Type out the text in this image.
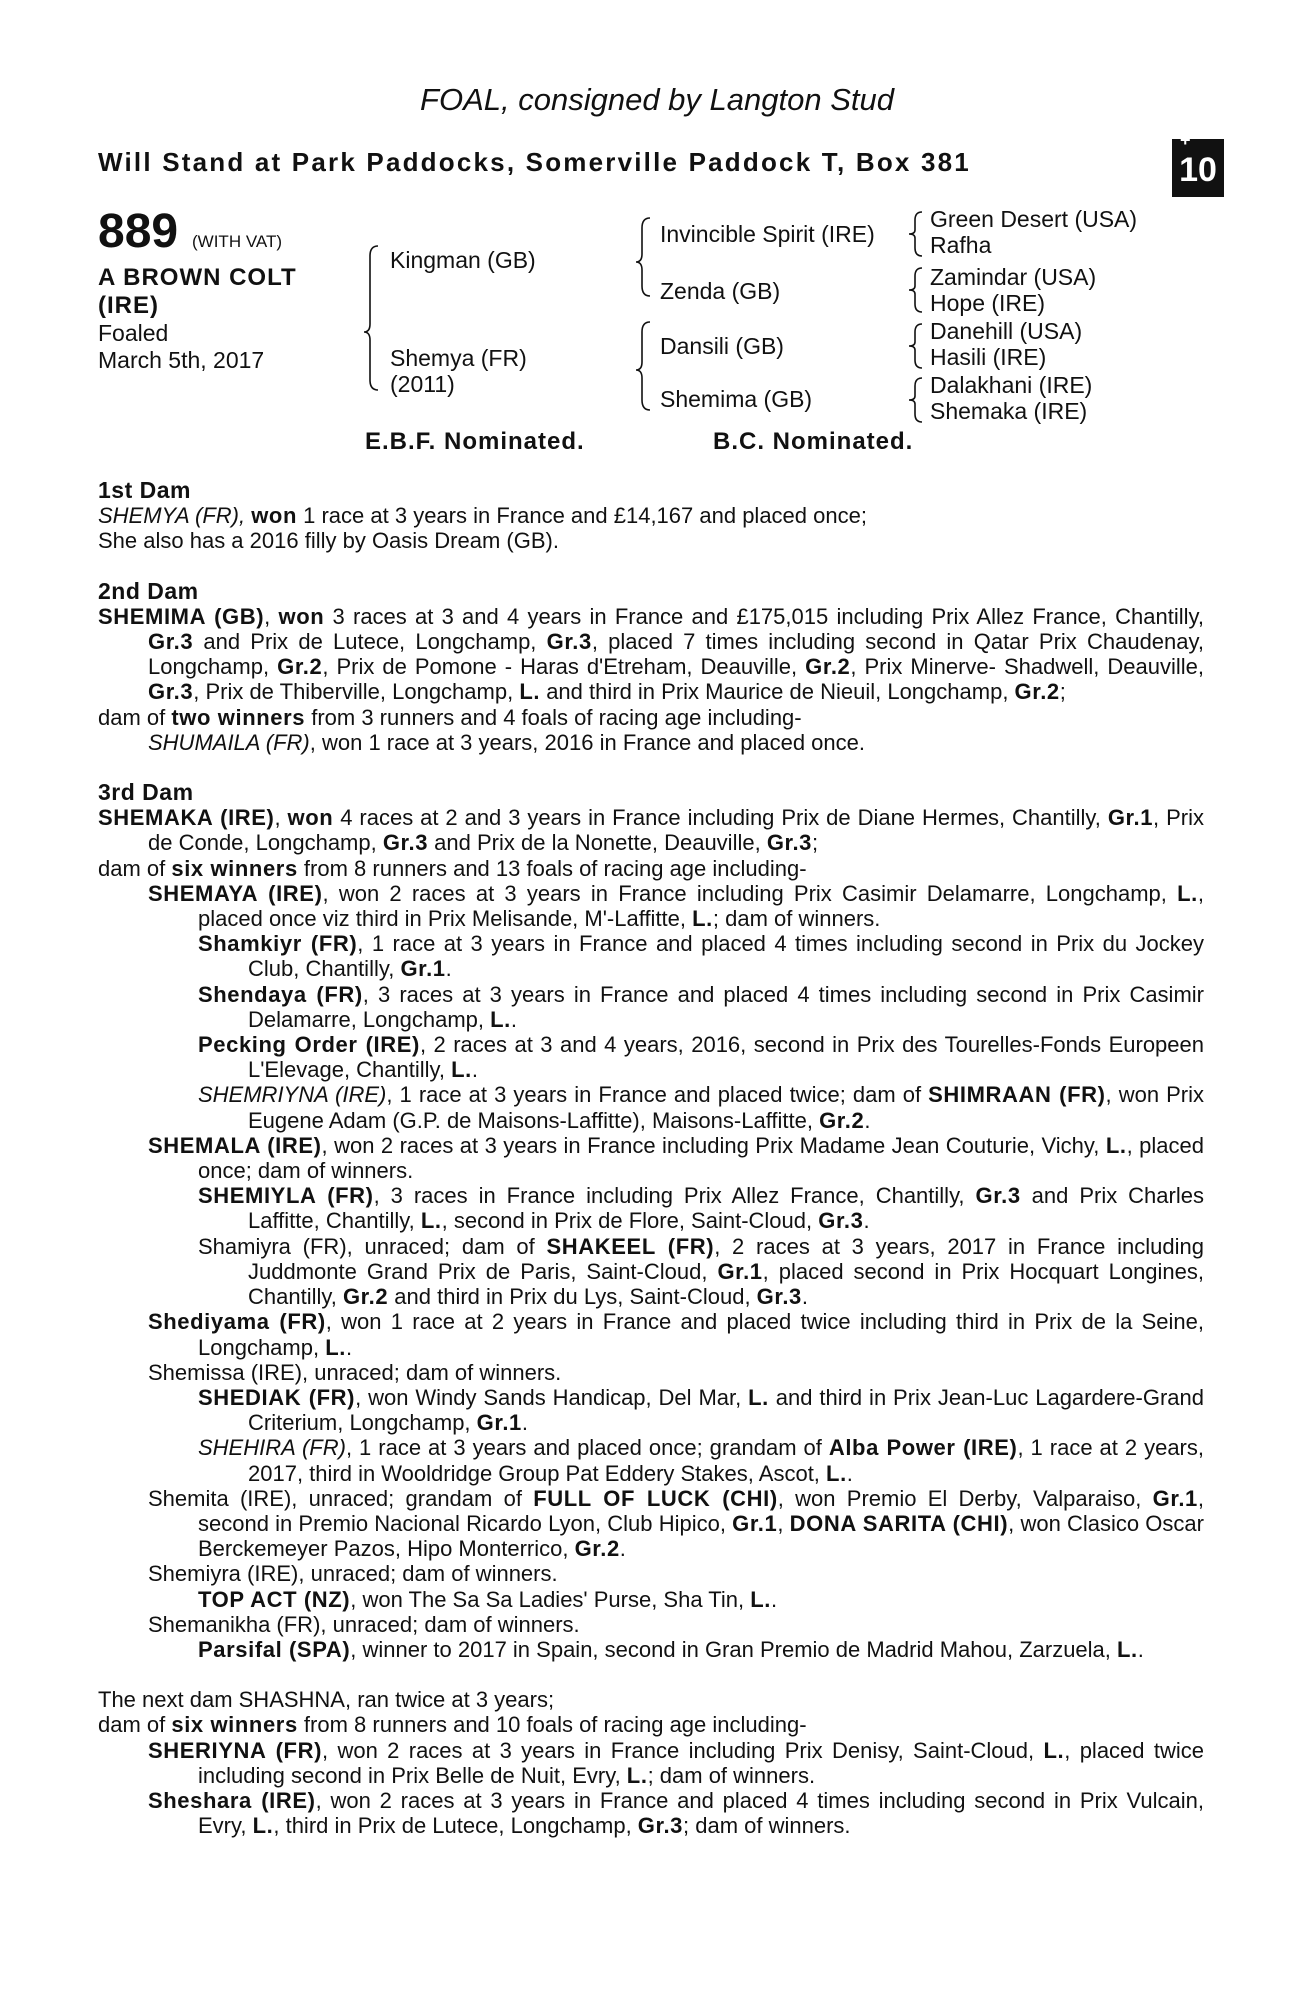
FOAL, consigned by Langton Stud
Will Stand at Park Paddocks, Somerville Paddock T, Box 381
+
10
889 (WITH VAT)
A BROWN COLT
(IRE)
Foaled
March 5th, 2017
Kingman (GB)
Shemya (FR)
(2011)
Invincible Spirit (IRE)
Zenda (GB)
Dansili (GB)
Shemima (GB)
Green Desert (USA)
Rafha
Zamindar (USA)
Hope (IRE)
Danehill (USA)
Hasili (IRE)
Dalakhani (IRE)
Shemaka (IRE)
E.B.F. Nominated.	B.C. Nominated.

1st Dam

SHEMYA (FR), won 1 race at 3 years in France and £14,167 and placed once;

She also has a 2016 filly by Oasis Dream (GB).

2nd Dam

SHEMIMA (GB), won 3 races at 3 and 4 years in France and £175,015 including Prix Allez France, Chantilly, Gr.3 and Prix de Lutece, Longchamp, Gr.3, placed 7 times including second in Qatar Prix Chaudenay, Longchamp, Gr.2, Prix de Pomone - Haras d'Etreham, Deauville, Gr.2, Prix Minerve- Shadwell, Deauville, Gr.3, Prix de Thiberville, Longchamp, L. and third in Prix Maurice de Nieuil, Longchamp, Gr.2;

dam of two winners from 3 runners and 4 foals of racing age including-

SHUMAILA (FR), won 1 race at 3 years, 2016 in France and placed once.

3rd Dam

SHEMAKA (IRE), won 4 races at 2 and 3 years in France including Prix de Diane Hermes, Chantilly, Gr.1, Prix de Conde, Longchamp, Gr.3 and Prix de la Nonette, Deauville, Gr.3;

dam of six winners from 8 runners and 13 foals of racing age including-

SHEMAYA (IRE), won 2 races at 3 years in France including Prix Casimir Delamarre, Longchamp, L., placed once viz third in Prix Melisande, M'-Laffitte, L.; dam of winners.

Shamkiyr (FR), 1 race at 3 years in France and placed 4 times including second in Prix du Jockey Club, Chantilly, Gr.1.

Shendaya (FR), 3 races at 3 years in France and placed 4 times including second in Prix Casimir Delamarre, Longchamp, L..

Pecking Order (IRE), 2 races at 3 and 4 years, 2016, second in Prix des Tourelles-Fonds Europeen L'Elevage, Chantilly, L..

SHEMRIYNA (IRE), 1 race at 3 years in France and placed twice; dam of SHIMRAAN (FR), won Prix Eugene Adam (G.P. de Maisons-Laffitte), Maisons-Laffitte, Gr.2.

SHEMALA (IRE), won 2 races at 3 years in France including Prix Madame Jean Couturie, Vichy, L., placed once; dam of winners.

SHEMIYLA (FR), 3 races in France including Prix Allez France, Chantilly, Gr.3 and Prix Charles Laffitte, Chantilly, L., second in Prix de Flore, Saint-Cloud, Gr.3.

Shamiyra (FR), unraced; dam of SHAKEEL (FR), 2 races at 3 years, 2017 in France including Juddmonte Grand Prix de Paris, Saint-Cloud, Gr.1, placed second in Prix Hocquart Longines, Chantilly, Gr.2 and third in Prix du Lys, Saint-Cloud, Gr.3.

Shediyama (FR), won 1 race at 2 years in France and placed twice including third in Prix de la Seine, Longchamp, L..

Shemissa (IRE), unraced; dam of winners.

SHEDIAK (FR), won Windy Sands Handicap, Del Mar, L. and third in Prix Jean-Luc Lagardere-Grand Criterium, Longchamp, Gr.1.

SHEHIRA (FR), 1 race at 3 years and placed once; grandam of Alba Power (IRE), 1 race at 2 years, 2017, third in Wooldridge Group Pat Eddery Stakes, Ascot, L..

Shemita (IRE), unraced; grandam of FULL OF LUCK (CHI), won Premio El Derby, Valparaiso, Gr.1, second in Premio Nacional Ricardo Lyon, Club Hipico, Gr.1, DONA SARITA (CHI), won Clasico Oscar Berckemeyer Pazos, Hipo Monterrico, Gr.2.

Shemiyra (IRE), unraced; dam of winners.

TOP ACT (NZ), won The Sa Sa Ladies' Purse, Sha Tin, L..

Shemanikha (FR), unraced; dam of winners.

Parsifal (SPA), winner to 2017 in Spain, second in Gran Premio de Madrid Mahou, Zarzuela, L..

The next dam SHASHNA, ran twice at 3 years;

dam of six winners from 8 runners and 10 foals of racing age including-

SHERIYNA (FR), won 2 races at 3 years in France including Prix Denisy, Saint-Cloud, L., placed twice including second in Prix Belle de Nuit, Evry, L.; dam of winners.

Sheshara (IRE), won 2 races at 3 years in France and placed 4 times including second in Prix Vulcain, Evry, L., third in Prix de Lutece, Longchamp, Gr.3; dam of winners.
